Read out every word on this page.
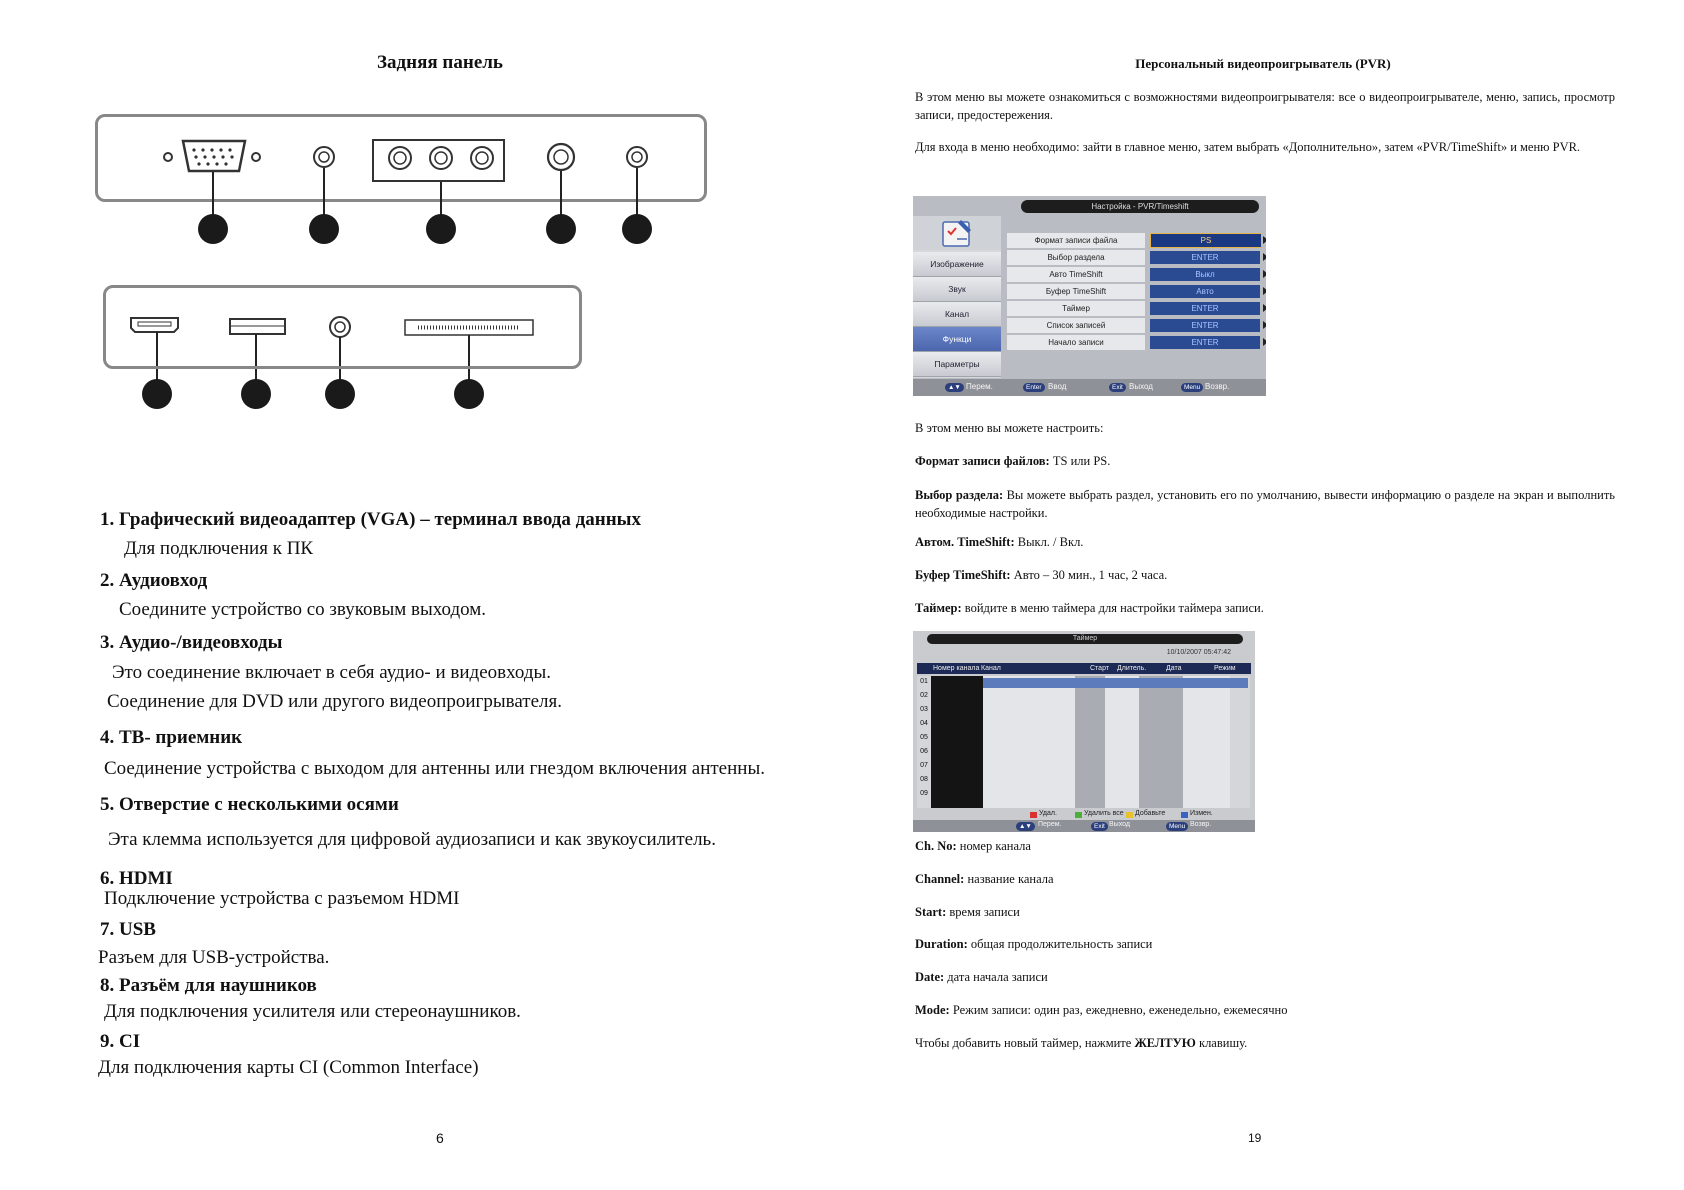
Задняя панель
1. Графический видеоадаптер (VGA) – терминал ввода данных
Для подключения к ПК
2. Аудиовход
Соедините устройство со звуковым выходом.
3. Аудио-/видеовходы
Это соединение включает в себя аудио- и видеовходы.
Соединение для DVD или другого видеопроигрывателя.
4. ТВ- приемник
Соединение устройства с выходом для антенны или гнездом включения антенны.
5. Отверстие с несколькими осями
Эта клемма используется для цифровой аудиозаписи и как звукоусилитель.
6. HDMI
Подключение устройства с разъемом HDMI
7. USB
Разъем для USB-устройства.
8. Разъём для наушников
Для подключения усилителя или стереонаушников.
9. CI
Для подключения карты CI (Common Interface)
6
Персональный видеопроигрыватель (PVR)
В этом меню вы можете ознакомиться с возможностями видеопроигрывателя: все о видеопроигрывателе, меню, запись, просмотр записи, предостережения.
Для входа в меню необходимо: зайти в главное меню, затем выбрать «Дополнительно», затем «PVR/TimeShift» и меню PVR.
Настройка - PVR/Timeshift
Изображение
Звук
Канал
Функци
Параметры
Формат записи файла	PS
Выбор раздела	ENTER
Авто TimeShift	Выкл
Буфер TimeShift	Авто
Таймер	ENTER
Список записей	ENTER
Начало записи	ENTER
▲▼ Перем.	Enter Ввод	Exit Выход	Menu Возвр.
В этом меню вы можете настроить:
Формат записи файлов: TS или PS.
Выбор раздела: Вы можете выбрать раздел, установить его по умолчанию, вывести информацию о разделе на экран и выполнить необходимые настройки.
Автом. TimeShift: Выкл. / Вкл.
Буфер TimeShift: Авто – 30 мин., 1 час, 2 часа.
Таймер: войдите в меню таймера для настройки таймера записи.
Таймер
10/10/2007 05:47:42
Номер канала Канал	Старт Длитель.	Дата	Режим
01
02
03
04
05
06
07
08
09
Удал.	Удалить все Добавьте	Измен.
▲▼ Перем.	Exit Выход	Menu Возвр.
Ch. No: номер канала
Channel: название канала
Start: время записи
Duration: общая продолжительность записи
Date: дата начала записи
Mode: Режим записи: один раз, ежедневно, еженедельно, ежемесячно
Чтобы добавить новый таймер, нажмите ЖЕЛТУЮ клавишу.
19
